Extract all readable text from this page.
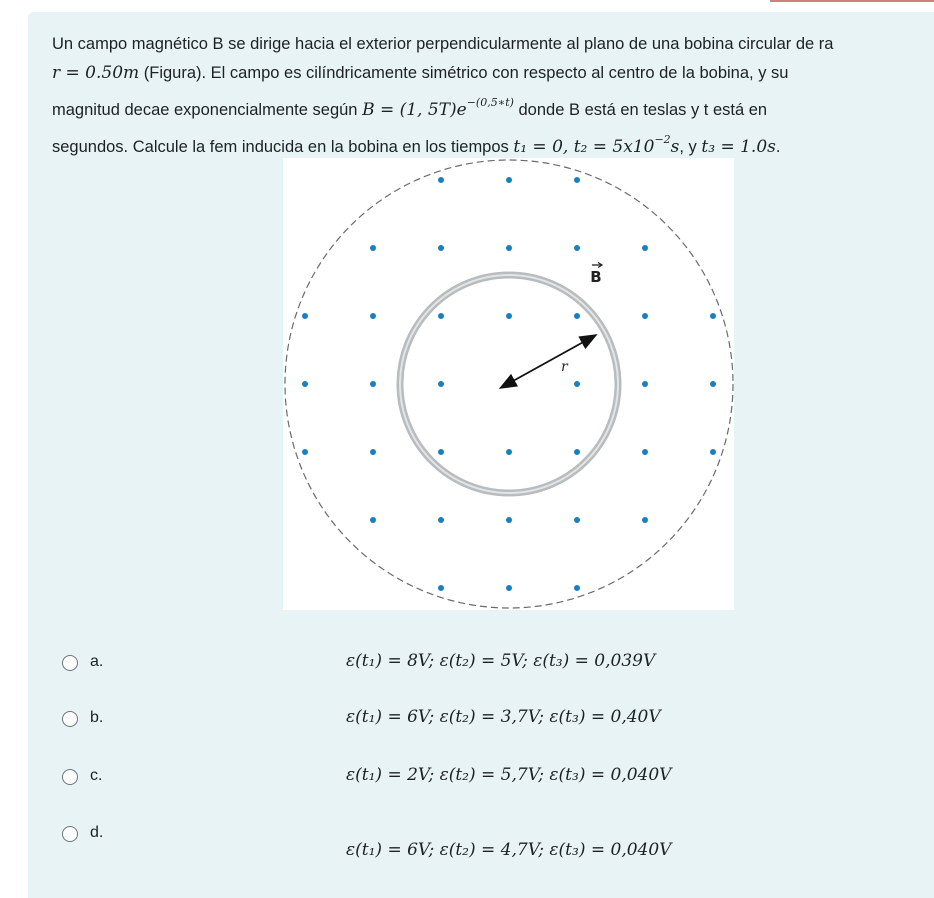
Un campo magnético B se dirige hacia el exterior perpendicularmente al plano de una bobina circular de ra
r = 0.50m (Figura). El campo es cilíndricamente simétrico con respecto al centro de la bobina, y su
magnitud decae exponencialmente según B = (1, $5T)e^{-(0,5∗t)}$ donde B está en teslas y t está en
segundos. Calcule la fem inducida en la bobina en los tiempos t₁ = 0, $t_2 = 5x10^{-2}s$, y t₃ = 1.0s.
r
B
a.	ε(t₁) = 8V; ε(t₂) = 5V; ε(t₃) = 0,039V
b.	ε(t₁) = 6V; ε(t₂) = 3,7V; ε(t₃) = 0,40V
c.	ε(t₁) = 2V; ε(t₂) = 5,7V; ε(t₃) = 0,040V
d.
ε(t₁) = 6V; ε(t₂) = 4,7V; ε(t₃) = 0,040V
